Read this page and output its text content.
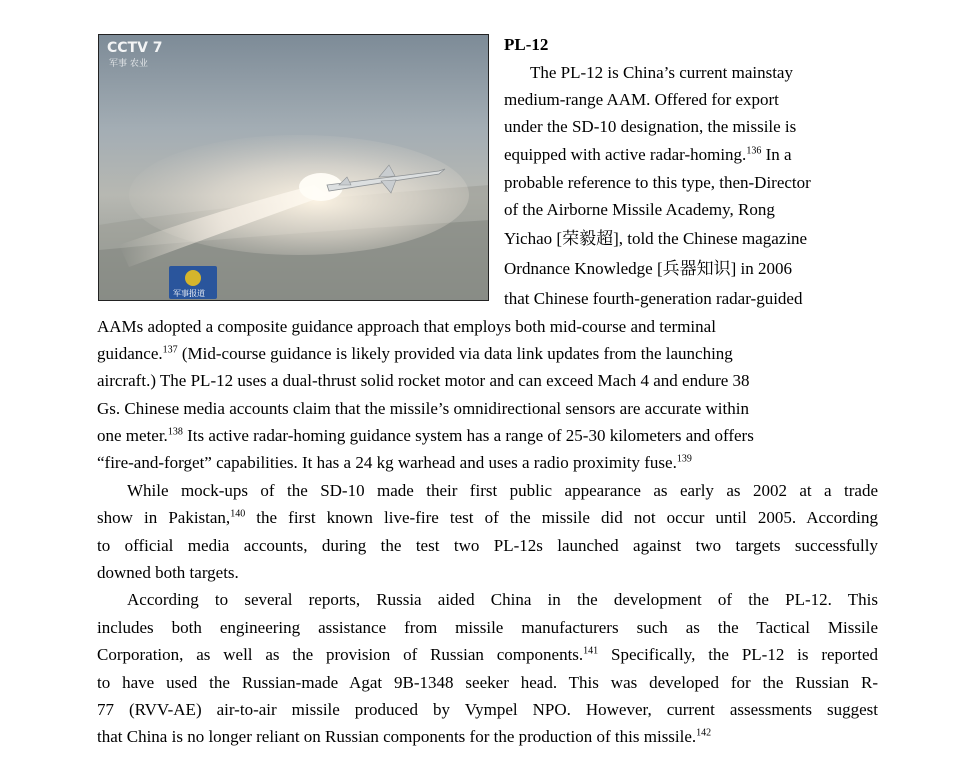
CCTV 7
军事 农业
军事报道
PL-12
The PL-12 is China’s current mainstay
medium-range AAM. Offered for export
under the SD-10 designation, the missile is
equipped with active radar-homing.$^{136}$ In a
probable reference to this type, then-Director
of the Airborne Missile Academy, Rong
Yichao [荣毅超], told the Chinese magazine
Ordnance Knowledge [兵器知识] in 2006
that Chinese fourth-generation radar-guided
AAMs adopted a composite guidance approach that employs both mid-course and terminal
guidance.$^{137}$ (Mid-course guidance is likely provided via data link updates from the launching
aircraft.) The PL-12 uses a dual-thrust solid rocket motor and can exceed Mach 4 and endure 38
Gs. Chinese media accounts claim that the missile’s omnidirectional sensors are accurate within
one meter.$^{138}$ Its active radar-homing guidance system has a range of 25-30 kilometers and offers
“fire-and-forget” capabilities. It has a 24 kg warhead and uses a radio proximity fuse.$^{139}$
While mock-ups of the SD-10 made their first public appearance as early as 2002 at a trade
show in Pakistan,$^{140}$ the first known live-fire test of the missile did not occur until 2005. According
to official media accounts, during the test two PL-12s launched against two targets successfully
downed both targets.
According to several reports, Russia aided China in the development of the PL-12. This
includes both engineering assistance from missile manufacturers such as the Tactical Missile
Corporation, as well as the provision of Russian components.$^{141}$ Specifically, the PL-12 is reported
to have used the Russian-made Agat 9B-1348 seeker head. This was developed for the Russian R-
77 (RVV-AE) air-to-air missile produced by Vympel NPO. However, current assessments suggest
that China is no longer reliant on Russian components for the production of this missile.$^{142}$
